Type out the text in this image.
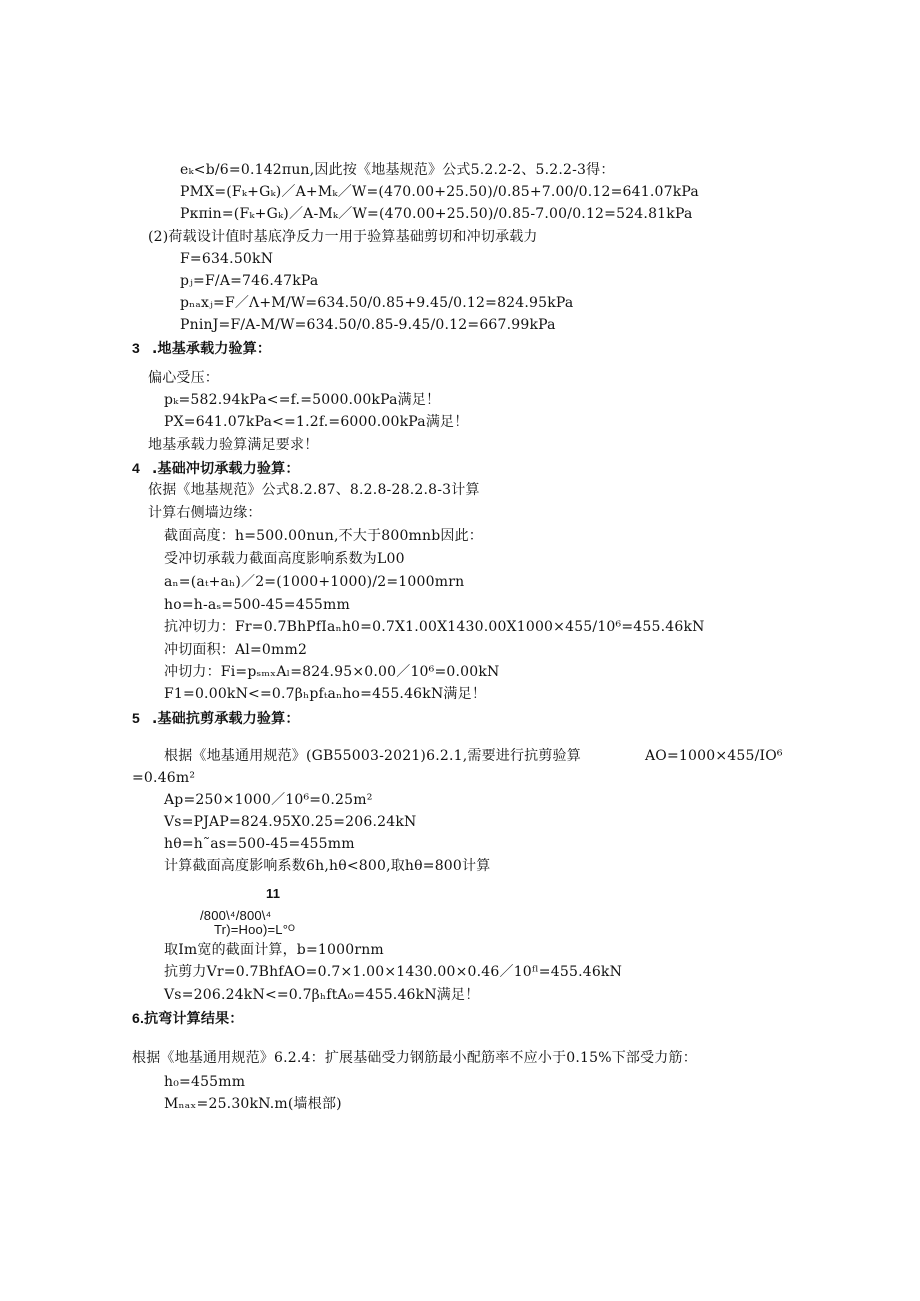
eₖ<b/6=0.142πun,因此按《地基规范》公式5.2.2-2、5.2.2-3得：
PMX=(Fₖ+Gₖ)／A+Mₖ／W=(470.00+25.50)/0.85+7.00/0.12=641.07kPa
Pκπin=(Fₖ+Gₖ)／A-Mₖ／W=(470.00+25.50)/0.85-7.00/0.12=524.81kPa
(2)荷载设计值时基底净反力一用于验算基础剪切和冲切承载力
F=634.50kN
pⱼ=F/A=746.47kPa
pₙₐxⱼ=F／Λ+M/W=634.50/0.85+9.45/0.12=824.95kPa
PninJ=F/A-M/W=634.50/0.85-9.45/0.12=667.99kPa
3 .地基承载力验算：
偏心受压：
pₖ=582.94kPa<=f.=5000.00kPa满足！
PX=641.07kPa<=1.2f.=6000.00kPa满足！
地基承载力验算满足要求！
4 .基础冲切承载力验算：
依据《地基规范》公式8.2.87、8.2.8-28.2.8-3计算
计算右侧墙边缘：
截面高度：h=500.00nun,不大于800mnb因此：
受冲切承载力截面高度影响系数为L00
aₙ=(aₜ+aₕ)／2=(1000+1000)/2=1000mrn
ho=h-aₛ=500-45=455mm
抗冲切力：Fr=0.7BhPfIaₙh0=0.7X1.00X1430.00X1000×455/10⁶=455.46kN
冲切面积：Al=0mm2
冲切力：Fi=pₛₘₓAₗ=824.95×0.00／10⁶=0.00kN
F1=0.00kN<=0.7βₕpfₜaₙho=455.46kN满足！
5 .基础抗剪承载力验算：
根据《地基通用规范》(GB55003-2021)6.2.1,需要进行抗剪验算	AO=1000×455/IO⁶
=0.46m²
Ap=250×1000／10⁶=0.25m²
Vs=PJAP=824.95X0.25=206.24kN
hθ=h˜as=500-45=455mm
计算截面高度影响系数6h,hθ<800,取hθ=800计算
11
/800\⁴/800\⁴
Tr)=Hoo)=L°ᴼ
取Im宽的截面计算，b=1000rnm
抗剪力Vr=0.7BhfAO=0.7×1.00×1430.00×0.46／10ᶠˡ=455.46kN
Vs=206.24kN<=0.7βₕftA₀=455.46kN满足！
6.抗弯计算结果：
根据《地基通用规范》6.2.4：扩展基础受力钢筋最小配筋率不应小于0.15%下部受力筋：
h₀=455mm
Mₙₐₓ=25.30kN.m(墙根部)
